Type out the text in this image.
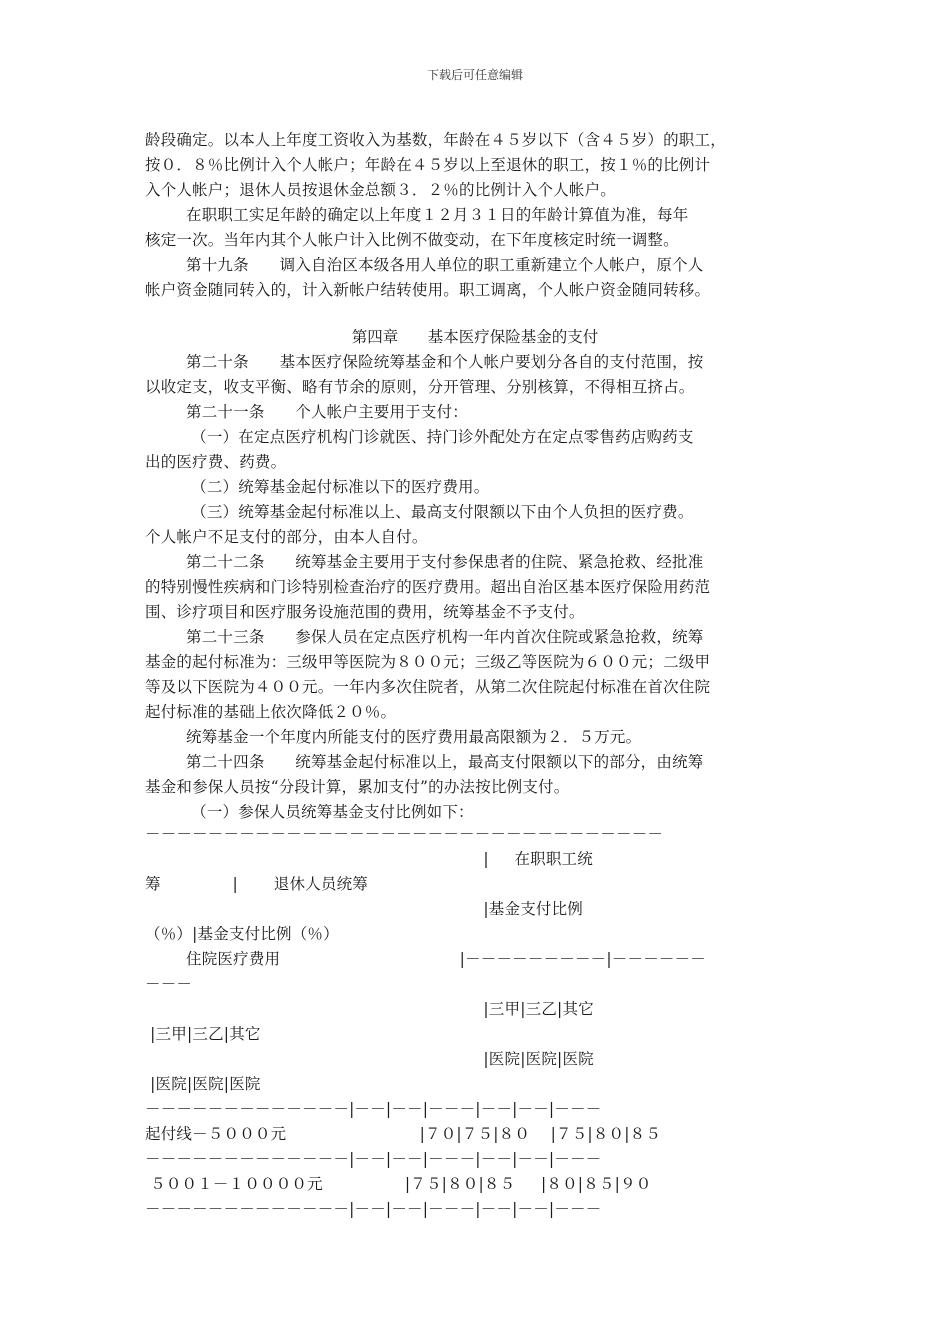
下载后可任意编辑
龄段确定。以本人上年度工资收入为基数，年龄在４５岁以下（含４５岁）的职工，
按０．８％比例计入个人帐户；年龄在４５岁以上至退休的职工，按１％的比例计
入个人帐户；退休人员按退休金总额３．２％的比例计入个人帐户。
在职职工实足年龄的确定以上年度１２月３１日的年龄计算值为准，每年
核定一次。当年内其个人帐户计入比例不做变动，在下年度核定时统一调整。
第十九条      调入自治区本级各用人单位的职工重新建立个人帐户，原个人
帐户资金随同转入的，计入新帐户结转使用。职工调离，个人帐户资金随同转移。
第四章      基本医疗保险基金的支付
第二十条      基本医疗保险统筹基金和个人帐户要划分各自的支付范围，按
以收定支，收支平衡、略有节余的原则，分开管理、分别核算，不得相互挤占。
第二十一条      个人帐户主要用于支付：
（一）在定点医疗机构门诊就医、持门诊外配处方在定点零售药店购药支
出的医疗费、药费。
（二）统筹基金起付标准以下的医疗费用。
（三）统筹基金起付标准以上、最高支付限额以下由个人负担的医疗费。
个人帐户不足支付的部分，由本人自付。
第二十二条      统筹基金主要用于支付参保患者的住院、紧急抢救、经批准
的特别慢性疾病和门诊特别检查治疗的医疗费用。超出自治区基本医疗保险用药范
围、诊疗项目和医疗服务设施范围的费用，统筹基金不予支付。
第二十三条      参保人员在定点医疗机构一年内首次住院或紧急抢救，统筹
基金的起付标准为：三级甲等医院为８００元；三级乙等医院为６００元；二级甲
等及以下医院为４００元。一年内多次住院者，从第二次住院起付标准在首次住院
起付标准的基础上依次降低２０％。
统筹基金一个年度内所能支付的医疗费用最高限额为２．５万元。
第二十四条      统筹基金起付标准以上，最高支付限额以下的部分，由统筹
基金和参保人员按“分段计算，累加支付”的办法按比例支付。
（一）参保人员统筹基金支付比例如下：
－－－－－－－－－－－－－－－－－－－－－－－－－－－－－－－－－
|     在职职工统
筹              |       退休人员统筹
|基金支付比例
（％）|基金支付比例（％）
住院医疗费用                                   |－－－－－－－－－|－－－－－－
－－－
|三甲|三乙|其它
|三甲|三乙|其它
|医院|医院|医院
|医院|医院|医院
－－－－－－－－－－－－－|－－|－－|－－－|－－|－－|－－－
起付线－５０００元                          |７０|７５|８０    |７５|８０|８５
－－－－－－－－－－－－－|－－|－－|－－－|－－|－－|－－－
５００１－１００００元                |７５|８０|８５     |８０|８５|９０
－－－－－－－－－－－－－|－－|－－|－－－|－－|－－|－－－
